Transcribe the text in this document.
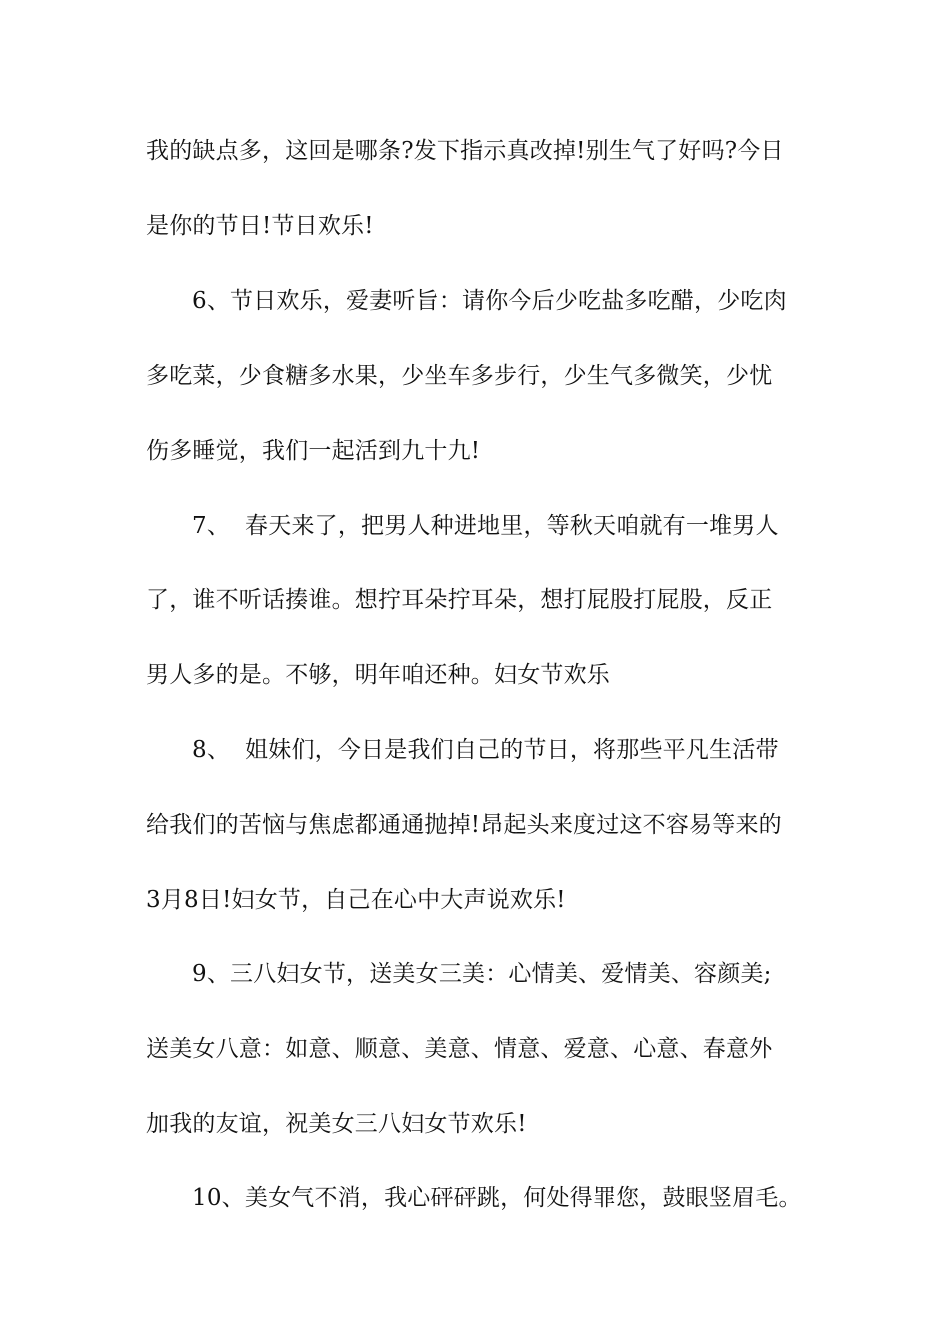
我的缺点多，这回是哪条?发下指示真改掉!别生气了好吗?今日
是你的节日!节日欢乐!
6、节日欢乐，爱妻听旨：请你今后少吃盐多吃醋，少吃肉
多吃菜，少食糖多水果，少坐车多步行，少生气多微笑，少忧
伤多睡觉，我们一起活到九十九!
7、  春天来了，把男人种进地里，等秋天咱就有一堆男人
了，谁不听话揍谁。想拧耳朵拧耳朵，想打屁股打屁股，反正
男人多的是。不够，明年咱还种。妇女节欢乐
8、  姐妹们，今日是我们自己的节日，将那些平凡生活带
给我们的苦恼与焦虑都通通抛掉!昂起头来度过这不容易等来的
3月8日!妇女节，自己在心中大声说欢乐!
9、三八妇女节，送美女三美：心情美、爱情美、容颜美;
送美女八意：如意、顺意、美意、情意、爱意、心意、春意外
加我的友谊，祝美女三八妇女节欢乐!
10、美女气不消，我心砰砰跳，何处得罪您，鼓眼竖眉毛。
